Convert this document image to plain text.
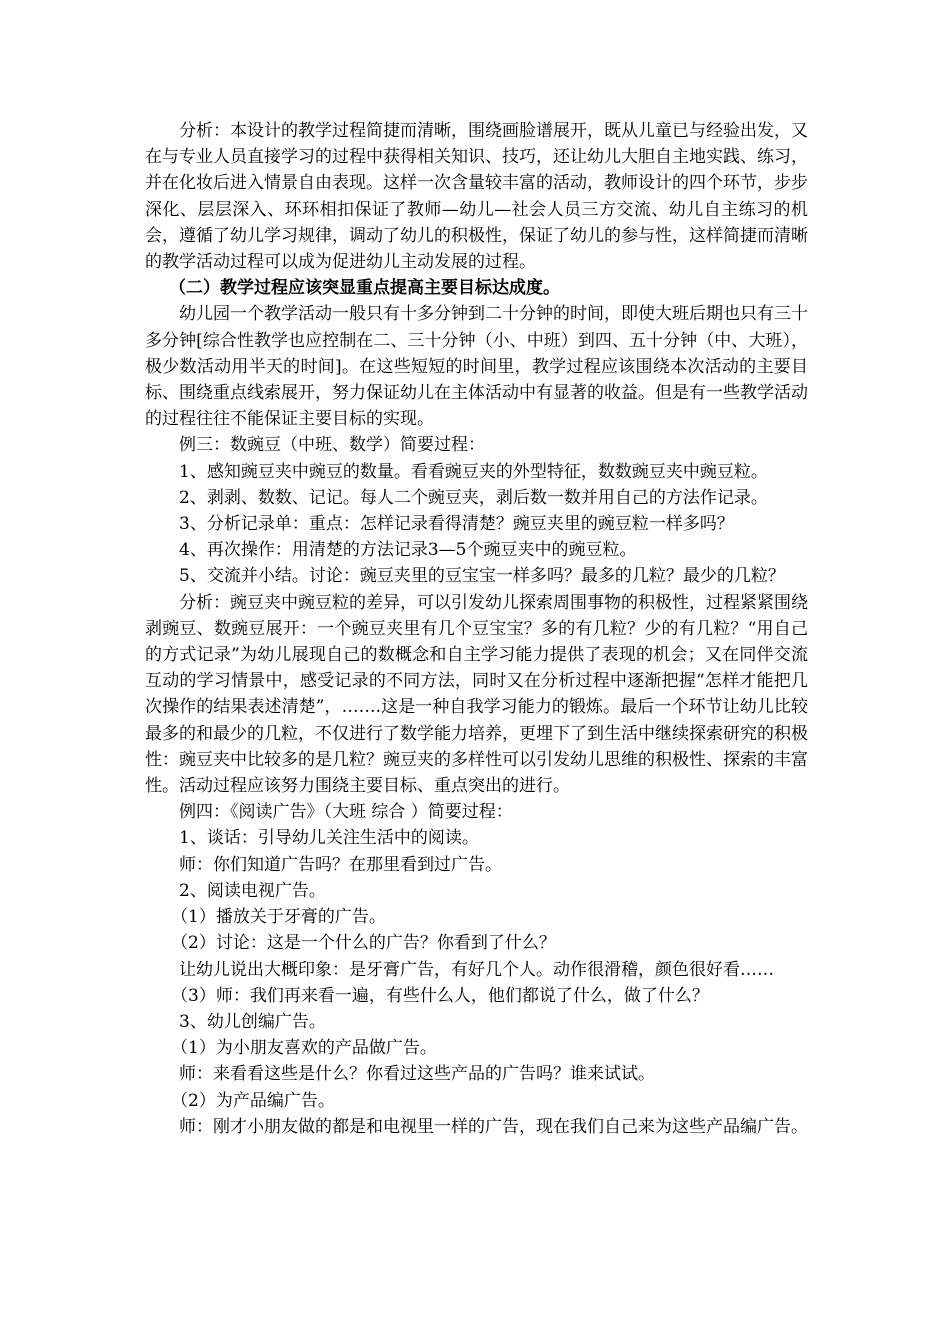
分析：本设计的教学过程简捷而清晰，围绕画脸谱展开，既从儿童已与经验出发，又在与专业人员直接学习的过程中获得相关知识、技巧，还让幼儿大胆自主地实践、练习，并在化妆后进入情景自由表现。这样一次含量较丰富的活动，教师设计的四个环节，步步深化、层层深入、环环相扣保证了教师—幼儿—社会人员三方交流、幼儿自主练习的机会，遵循了幼儿学习规律，调动了幼儿的积极性，保证了幼儿的参与性，这样简捷而清晰的教学活动过程可以成为促进幼儿主动发展的过程。

（二）教学过程应该突显重点提高主要目标达成度。

幼儿园一个教学活动一般只有十多分钟到二十分钟的时间，即使大班后期也只有三十多分钟[综合性教学也应控制在二、三十分钟（小、中班）到四、五十分钟（中、大班），极少数活动用半天的时间]。在这些短短的时间里，教学过程应该围绕本次活动的主要目标、围绕重点线索展开，努力保证幼儿在主体活动中有显著的收益。但是有一些教学活动的过程往往不能保证主要目标的实现。

例三：数豌豆（中班、数学）简要过程：

1、感知豌豆夹中豌豆的数量。看看豌豆夹的外型特征，数数豌豆夹中豌豆粒。

2、剥剥、数数、记记。每人二个豌豆夹，剥后数一数并用自己的方法作记录。

3、分析记录单：重点：怎样记录看得清楚？豌豆夹里的豌豆粒一样多吗？

4、再次操作：用清楚的方法记录3—5个豌豆夹中的豌豆粒。

5、交流并小结。讨论：豌豆夹里的豆宝宝一样多吗？最多的几粒？最少的几粒？

分析：豌豆夹中豌豆粒的差异，可以引发幼儿探索周围事物的积极性，过程紧紧围绕剥豌豆、数豌豆展开：一个豌豆夹里有几个豆宝宝？多的有几粒？少的有几粒？“用自己的方式记录”为幼儿展现自己的数概念和自主学习能力提供了表现的机会；又在同伴交流互动的学习情景中，感受记录的不同方法，同时又在分析过程中逐渐把握“怎样才能把几次操作的结果表述清楚”，…….这是一种自我学习能力的锻炼。最后一个环节让幼儿比较最多的和最少的几粒，不仅进行了数学能力培养，更埋下了到生活中继续探索研究的积极性：豌豆夹中比较多的是几粒？豌豆夹的多样性可以引发幼儿思维的积极性、探索的丰富性。活动过程应该努力围绕主要目标、重点突出的进行。

例四：《阅读广告》（大班 综合 ）简要过程：

1、谈话：引导幼儿关注生活中的阅读。

师：你们知道广告吗？在那里看到过广告。

2、阅读电视广告。

（1）播放关于牙膏的广告。

（2）讨论：这是一个什么的广告？你看到了什么？

让幼儿说出大概印象：是牙膏广告，有好几个人。动作很滑稽，颜色很好看……

（3）师：我们再来看一遍，有些什么人，他们都说了什么，做了什么？

3、幼儿创编广告。

（1）为小朋友喜欢的产品做广告。

师：来看看这些是什么？你看过这些产品的广告吗？谁来试试。

（2）为产品编广告。

师：刚才小朋友做的都是和电视里一样的广告，现在我们自己来为这些产品编广告。
